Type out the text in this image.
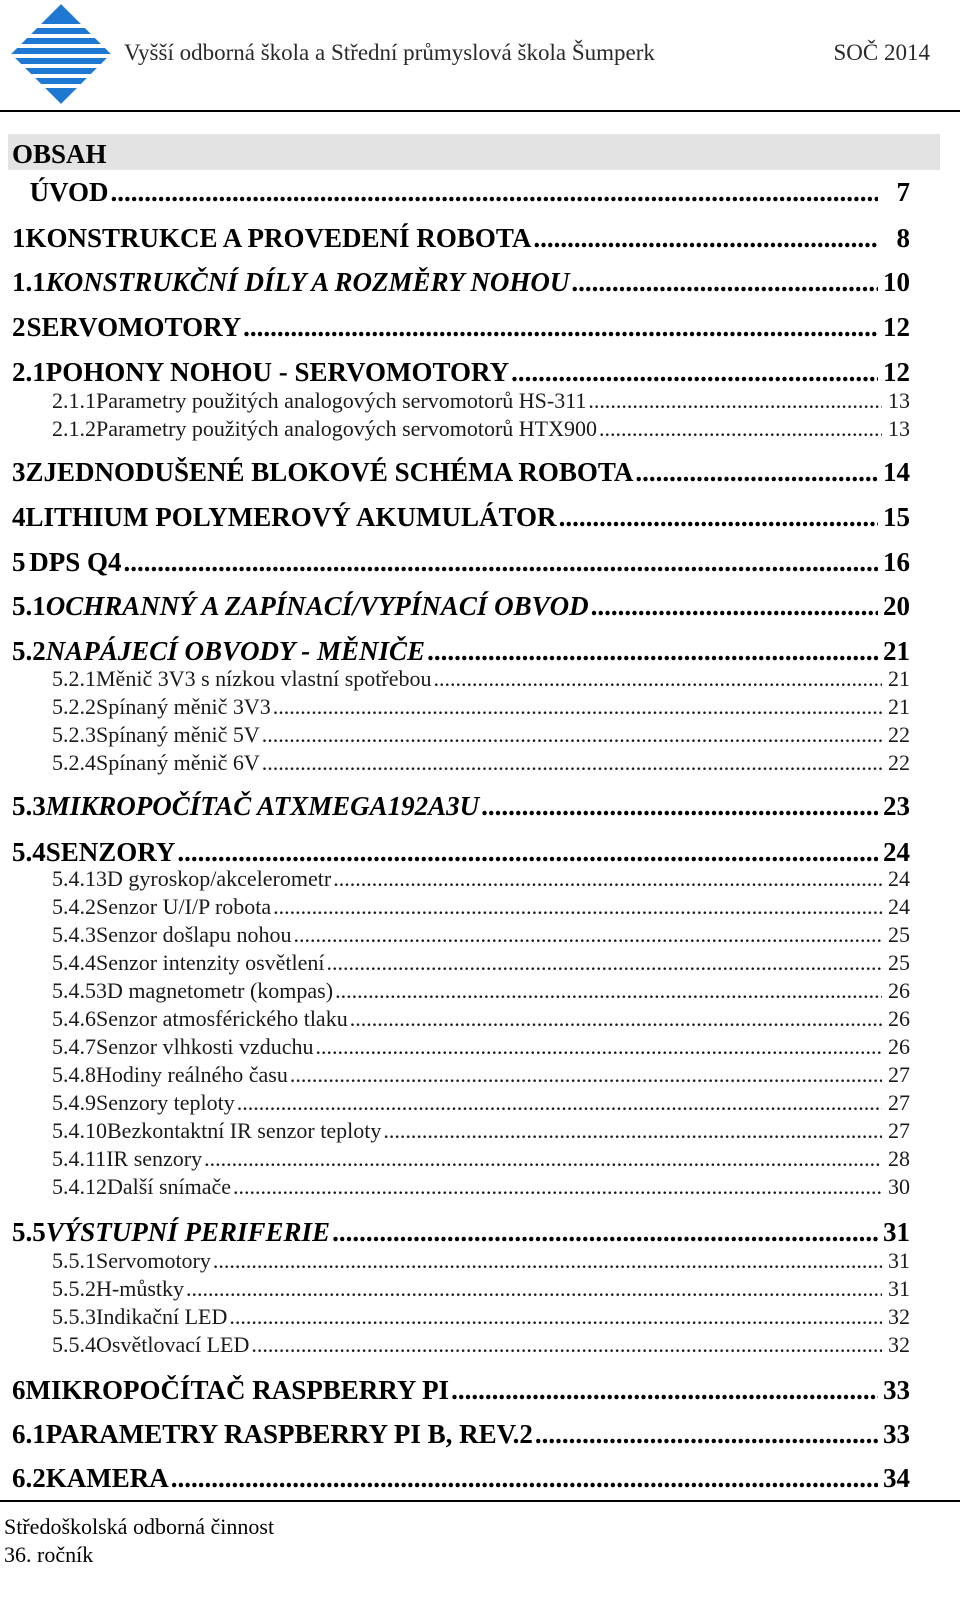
Vyšší odborná škola a Střední průmyslová škola Šumperk	SOČ 2014
OBSAH
ÚVOD .....	7
1 KONSTRUKCE A PROVEDENÍ ROBOTA .....	8
1.1 KONSTRUKČNÍ DÍLY A ROZMĚRY NOHOU .....	10
2 SERVOMOTORY .....	12
2.1 POHONY NOHOU - SERVOMOTORY .....	12
2.1.1 Parametry použitých analogových servomotorů HS-311 .....	13
2.1.2 Parametry použitých analogových servomotorů HTX900 .....	13
3 ZJEDNODUŠENÉ BLOKOVÉ SCHÉMA ROBOTA .....	14
4 LITHIUM POLYMEROVÝ AKUMULÁTOR .....	15
5 DPS Q4 .....	16
5.1 OCHRANNÝ A ZAPÍNACÍ/VYPÍNACÍ OBVOD .....	20
5.2 NAPÁJECÍ OBVODY - MĚNIČE .....	21
5.2.1 Měnič 3V3 s nízkou vlastní spotřebou .....	21
5.2.2 Spínaný měnič 3V3 .....	21
5.2.3 Spínaný měnič 5V .....	22
5.2.4 Spínaný měnič 6V .....	22
5.3 MIKROPOČÍTAČ ATXMEGA192A3U .....	23
5.4 SENZORY .....	24
5.4.1 3D gyroskop/akcelerometr .....	24
5.4.2 Senzor U/I/P robota .....	24
5.4.3 Senzor došlapu nohou .....	25
5.4.4 Senzor intenzity osvětlení .....	25
5.4.5 3D magnetometr (kompas) .....	26
5.4.6 Senzor atmosférického tlaku .....	26
5.4.7 Senzor vlhkosti vzduchu .....	26
5.4.8 Hodiny reálného času .....	27
5.4.9 Senzory teploty .....	27
5.4.10 Bezkontaktní IR senzor teploty .....	27
5.4.11 IR senzory .....	28
5.4.12 Další snímače .....	30
5.5 VÝSTUPNÍ PERIFERIE .....	31
5.5.1 Servomotory .....	31
5.5.2 H-můstky .....	31
5.5.3 Indikační LED .....	32
5.5.4 Osvětlovací LED .....	32
6 MIKROPOČÍTAČ RASPBERRY PI .....	33
6.1 PARAMETRY RASPBERRY PI B, REV.2 .....	33
6.2 KAMERA .....	34
Středoškolská odborná činnost
36. ročník
